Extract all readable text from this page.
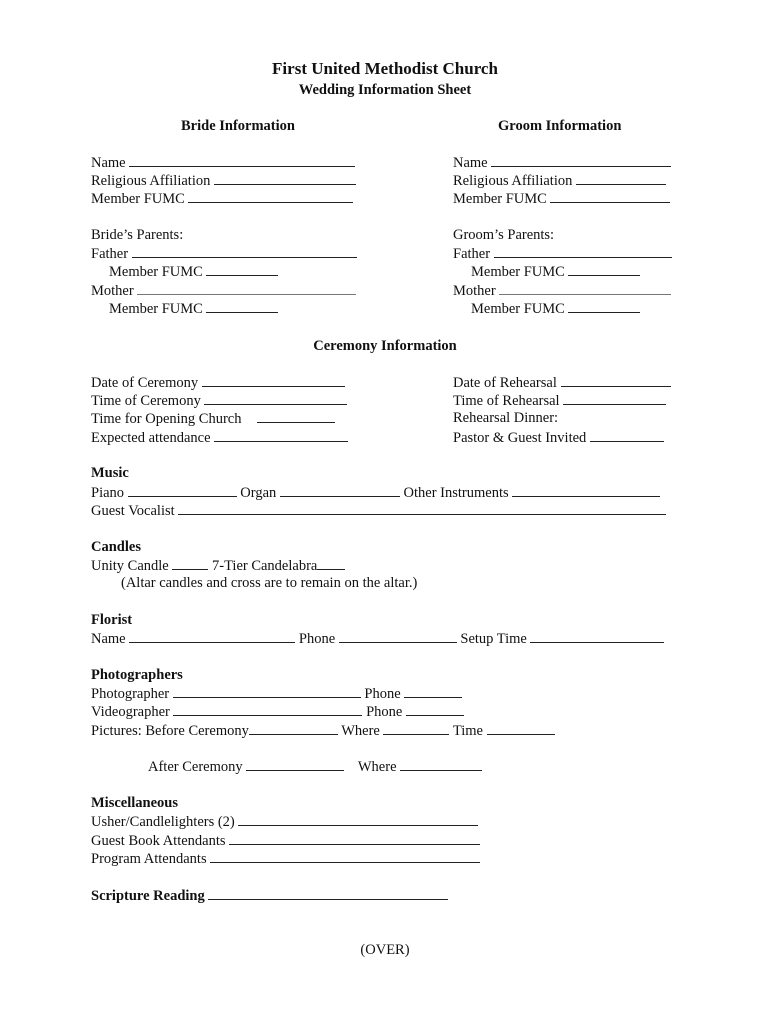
First United Methodist Church
Wedding Information Sheet
Bride Information	Groom Information
Name
Religious Affiliation
Member FUMC
Bride’s Parents:
Father
Member FUMC
Mother
Member FUMC
Name
Religious Affiliation
Member FUMC
Groom’s Parents:
Father
Member FUMC
Mother
Member FUMC
Ceremony Information
Date of Ceremony
Time of Ceremony
Time for Opening Church
Expected attendance
Date of Rehearsal
Time of Rehearsal
Rehearsal Dinner:
Pastor & Guest Invited
Music
Piano	Organ	Other Instruments
Guest Vocalist
Candles
Unity Candle	7-Tier Candelabra
(Altar candles and cross are to remain on the altar.)
Florist
Name	Phone	Setup Time
Photographers
Photographer	Phone
Videographer	Phone
Pictures: Before Ceremony	Where	Time
After Ceremony	Where
Miscellaneous
Usher/Candlelighters (2)
Guest Book Attendants
Program Attendants
Scripture Reading
(OVER)
